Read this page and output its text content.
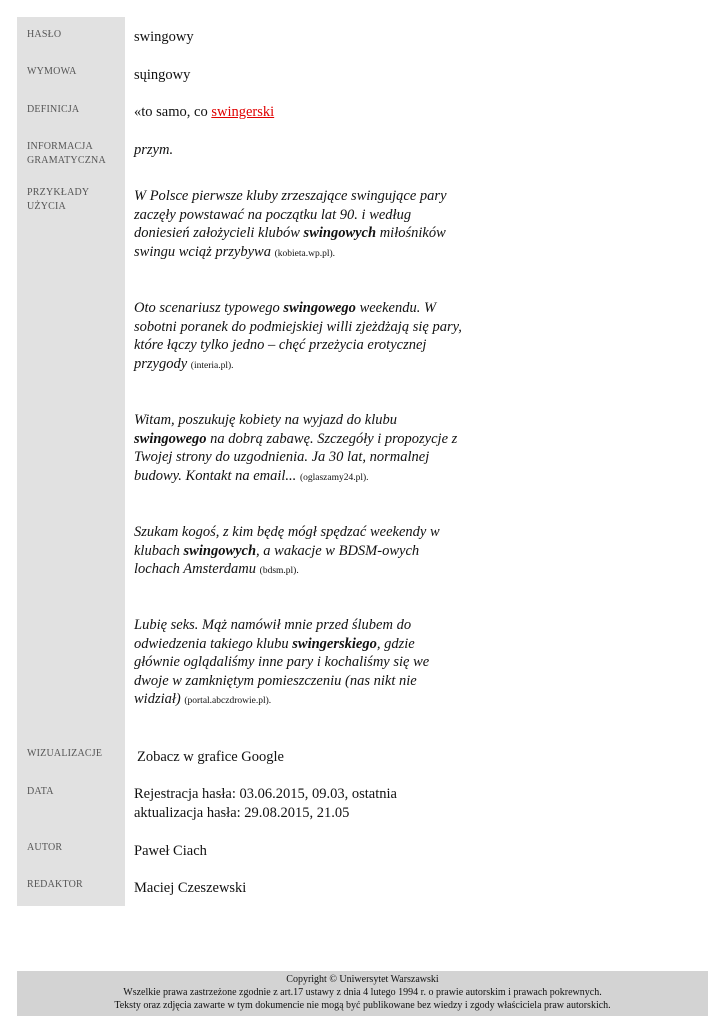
HASŁO
WYMOWA
DEFINICJA
INFORMACJA
GRAMATYCZNA
PRZYKŁADY
UŻYCIA
WIZUALIZACJE
DATA
AUTOR
REDAKTOR
swingowy
sųingowy
«to samo, co swingerski
przym.
W Polsce pierwsze kluby zrzeszające swingujące pary zaczęły powstawać na początku lat 90. i według doniesień założycieli klubów swingowych miłośników swingu wciąż przybywa (kobieta.wp.pl).
Oto scenariusz typowego swingowego weekendu. W sobotni poranek do podmiejskiej willi zjeżdżają się pary, które łączy tylko jedno – chęć przeżycia erotycznej przygody (interia.pl).
Witam, poszukuję kobiety na wyjazd do klubu swingowego na dobrą zabawę. Szczegóły i propozycje z Twojej strony do uzgodnienia. Ja 30 lat, normalnej budowy. Kontakt na email... (oglaszamy24.pl).
Szukam kogoś, z kim będę mógł spędzać weekendy w klubach swingowych, a wakacje w BDSM-owych lochach Amsterdamu (bdsm.pl).
Lubię seks. Mąż namówił mnie przed ślubem do odwiedzenia takiego klubu swingerskiego, gdzie głównie oglądaliśmy inne pary i kochaliśmy się we dwoje w zamkniętym pomieszczeniu (nas nikt nie widział) (portal.abczdrowie.pl).
Zobacz w grafice Google
Rejestracja hasła: 03.06.2015, 09.03, ostatnia
aktualizacja hasła: 29.08.2015, 21.05
Paweł Ciach
Maciej Czeszewski
Copyright © Uniwersytet Warszawski
Wszelkie prawa zastrzeżone zgodnie z art.17 ustawy z dnia 4 lutego 1994 r. o prawie autorskim i prawach pokrewnych.
Teksty oraz zdjęcia zawarte w tym dokumencie nie mogą być publikowane bez wiedzy i zgody właściciela praw autorskich.
